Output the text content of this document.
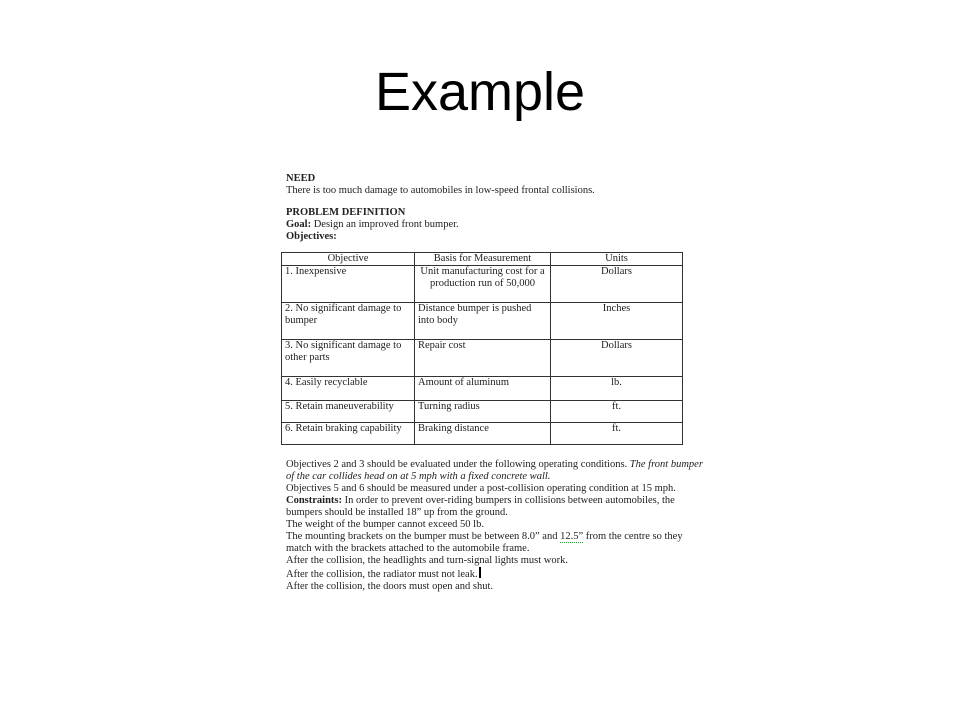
Example

NEED

There is too much damage to automobiles in low-speed frontal collisions.

PROBLEM DEFINITION

Goal: Design an improved front bumper.

Objectives:

Objective	Basis for Measurement	Units
1. Inexpensive	Unit manufacturing cost for a production run of 50,000	Dollars
2. No significant damage to bumper	Distance bumper is pushed into body	Inches
3. No significant damage to other parts	Repair cost	Dollars
4. Easily recyclable	Amount of aluminum	lb.
5. Retain maneuverability	Turning radius	ft.
6. Retain braking capability	Braking distance	ft.

Objectives 2 and 3 should be evaluated under the following operating conditions. The front bumper of the car collides head on at 5 mph with a fixed concrete wall.

Objectives 5 and 6 should be measured under a post-collision operating condition at 15 mph.

Constraints: In order to prevent over-riding bumpers in collisions between automobiles, the bumpers should be installed 18” up from the ground.

The weight of the bumper cannot exceed 50 lb.

The mounting brackets on the bumper must be between 8.0” and 12.5” from the centre so they match with the brackets attached to the automobile frame.

After the collision, the headlights and turn-signal lights must work.

After the collision, the radiator must not leak.

After the collision, the doors must open and shut.
